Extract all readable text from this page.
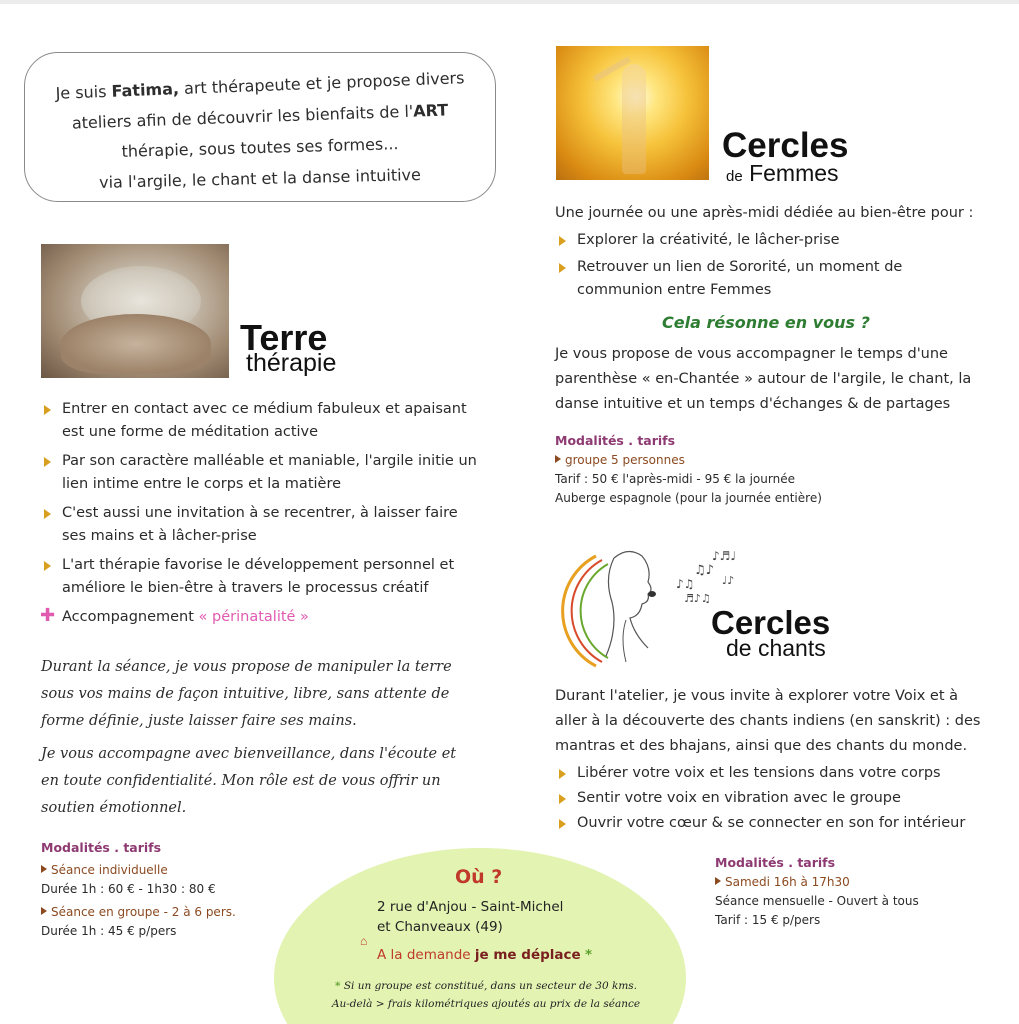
Je suis Fatima, art thérapeute et je propose divers

ateliers afin de découvrir les bienfaits de l'ART

thérapie, sous toutes ses formes...

via l'argile, le chant et la danse intuitive

Terre
thérapie
Entrer en contact avec ce médium fabuleux et apaisant est une forme de méditation active
Par son caractère malléable et maniable, l'argile initie un lien intime entre le corps et la matière
C'est aussi une invitation à se recentrer, à laisser faire ses mains et à lâcher-prise
L'art thérapie favorise le développement personnel et améliore le bien-être à travers le processus créatif
✚ Accompagnement « périnatalité »
Durant la séance, je vous propose de manipuler la terre sous vos mains de façon intuitive, libre, sans attente de forme définie, juste laisser faire ses mains.
Je vous accompagne avec bienveillance, dans l'écoute et en toute confidentialité. Mon rôle est de vous offrir un soutien émotionnel.
Modalités . tarifs
Séance individuelle
Durée 1h : 60 € - 1h30 : 80 €
Séance en groupe - 2 à 6 pers.
Durée 1h : 45 € p/pers
Cercles
de Femmes
Une journée ou une après-midi dédiée au bien-être pour :
Explorer la créativité, le lâcher-prise
Retrouver un lien de Sororité, un moment de communion entre Femmes
Cela résonne en vous ?
Je vous propose de vous accompagner le temps d'une parenthèse « en-Chantée » autour de l'argile, le chant, la danse intuitive et un temps d'échanges & de partages
Modalités . tarifs
groupe 5 personnes
Tarif : 50 € l'après-midi - 95 € la journée
Auberge espagnole (pour la journée entière)
♪♫
♫♪
♪♬♩
♬♪♫
♩♪
Cercles
de chants
Durant l'atelier, je vous invite à explorer votre Voix et à aller à la découverte des chants indiens (en sanskrit) : des mantras et des bhajans, ainsi que des chants du monde.
Libérer votre voix et les tensions dans votre corps
Sentir votre voix en vibration avec le groupe
Ouvrir votre cœur & se connecter en son for intérieur
Modalités . tarifs
Samedi 16h à 17h30
Séance mensuelle - Ouvert à tous
Tarif : 15 € p/pers
Où ?
2 rue d'Anjou - Saint-Michel
et Chanveaux (49)
⌂
A la demande je me déplace *
* Si un groupe est constitué, dans un secteur de 30 kms.
Au-delà > frais kilométriques ajoutés au prix de la séance
